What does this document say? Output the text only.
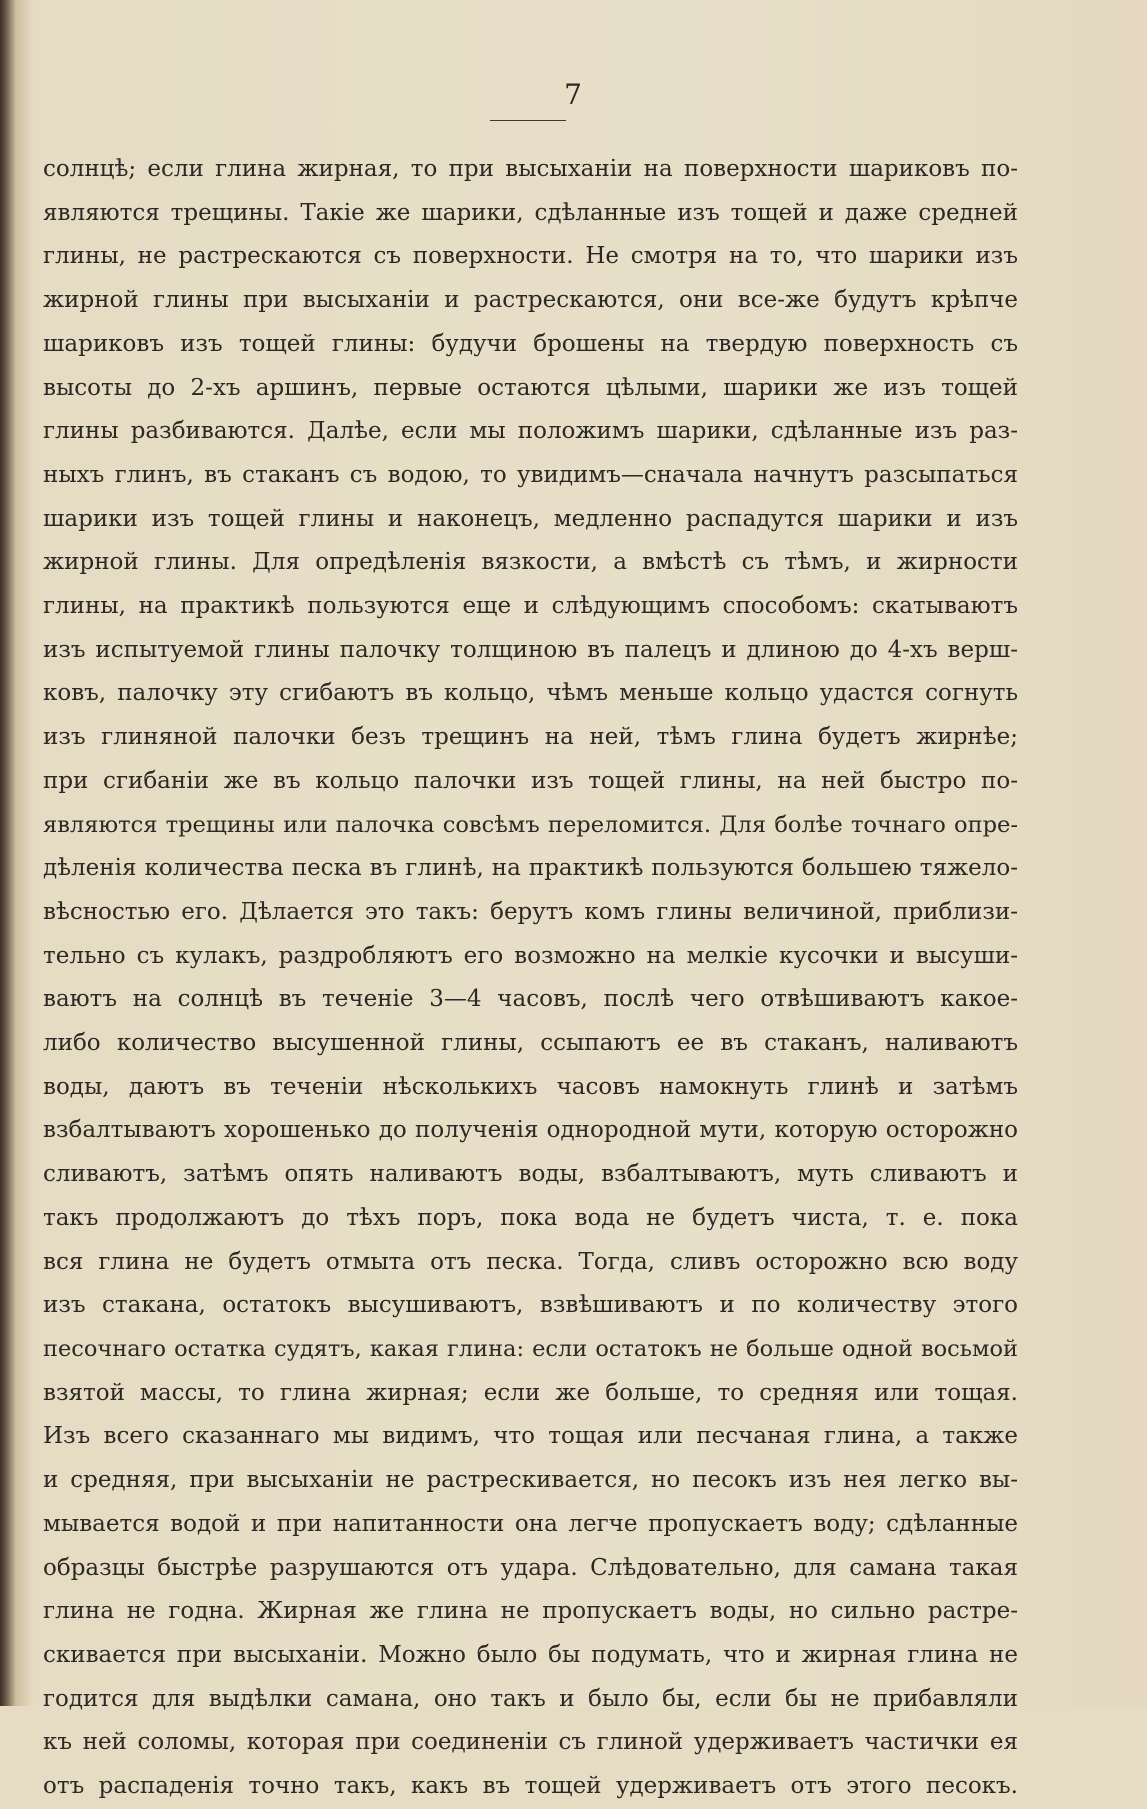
7
солнцѣ; если глина жирная, то при высыханіи на поверхности шариковъ по-
являются трещины. Такіе же шарики, сдѣланные изъ тощей и даже средней
глины, не растрескаются съ поверхности. Не смотря на то, что шарики изъ
жирной глины при высыханіи и растрескаются, они все-же будутъ крѣпче
шариковъ изъ тощей глины: будучи брошены на твердую поверхность съ
высоты до 2-хъ аршинъ, первые остаются цѣлыми, шарики же изъ тощей
глины разбиваются. Далѣе, если мы положимъ шарики, сдѣланные изъ раз-
ныхъ глинъ, въ стаканъ съ водою, то увидимъ—сначала начнутъ разсыпаться
шарики изъ тощей глины и наконецъ, медленно распадутся шарики и изъ
жирной глины. Для опредѣленія вязкости, а вмѣстѣ съ тѣмъ, и жирности
глины, на практикѣ пользуются еще и слѣдующимъ способомъ: скатываютъ
изъ испытуемой глины палочку толщиною въ палецъ и длиною до 4-хъ верш-
ковъ, палочку эту сгибаютъ въ кольцо, чѣмъ меньше кольцо удастся согнуть
изъ глиняной палочки безъ трещинъ на ней, тѣмъ глина будетъ жирнѣе;
при сгибаніи же въ кольцо палочки изъ тощей глины, на ней быстро по-
являются трещины или палочка совсѣмъ переломится. Для болѣе точнаго опре-
дѣленія количества песка въ глинѣ, на практикѣ пользуются большею тяжело-
вѣсностью его. Дѣлается это такъ: берутъ комъ глины величиной, приблизи-
тельно съ кулакъ, раздробляютъ его возможно на мелкіе кусочки и высуши-
ваютъ на солнцѣ въ теченіе 3—4 часовъ, послѣ чего отвѣшиваютъ какое-
либо количество высушенной глины, ссыпаютъ ее въ стаканъ, наливаютъ
воды, даютъ въ теченіи нѣсколькихъ часовъ намокнуть глинѣ и затѣмъ
взбалтываютъ хорошенько до полученія однородной мути, которую осторожно
сливаютъ, затѣмъ опять наливаютъ воды, взбалтываютъ, муть сливаютъ и
такъ продолжаютъ до тѣхъ поръ, пока вода не будетъ чиста, т. е. пока
вся глина не будетъ отмыта отъ песка. Тогда, сливъ осторожно всю воду
изъ стакана, остатокъ высушиваютъ, взвѣшиваютъ и по количеству этого
песочнаго остатка судятъ, какая глина: если остатокъ не больше одной восьмой
взятой массы, то глина жирная; если же больше, то средняя или тощая.
Изъ всего сказаннаго мы видимъ, что тощая или песчаная глина, а также
и средняя, при высыханіи не растрескивается, но песокъ изъ нея легко вы-
мывается водой и при напитанности она легче пропускаетъ воду; сдѣланные
образцы быстрѣе разрушаются отъ удара. Слѣдовательно, для самана такая
глина не годна. Жирная же глина не пропускаетъ воды, но сильно растре-
скивается при высыханіи. Можно было бы подумать, что и жирная глина не
годится для выдѣлки самана, оно такъ и было бы, если бы не прибавляли
къ ней соломы, которая при соединеніи съ глиной удерживаетъ частички ея
отъ распаденія точно такъ, какъ въ тощей удерживаетъ отъ этого песокъ.
